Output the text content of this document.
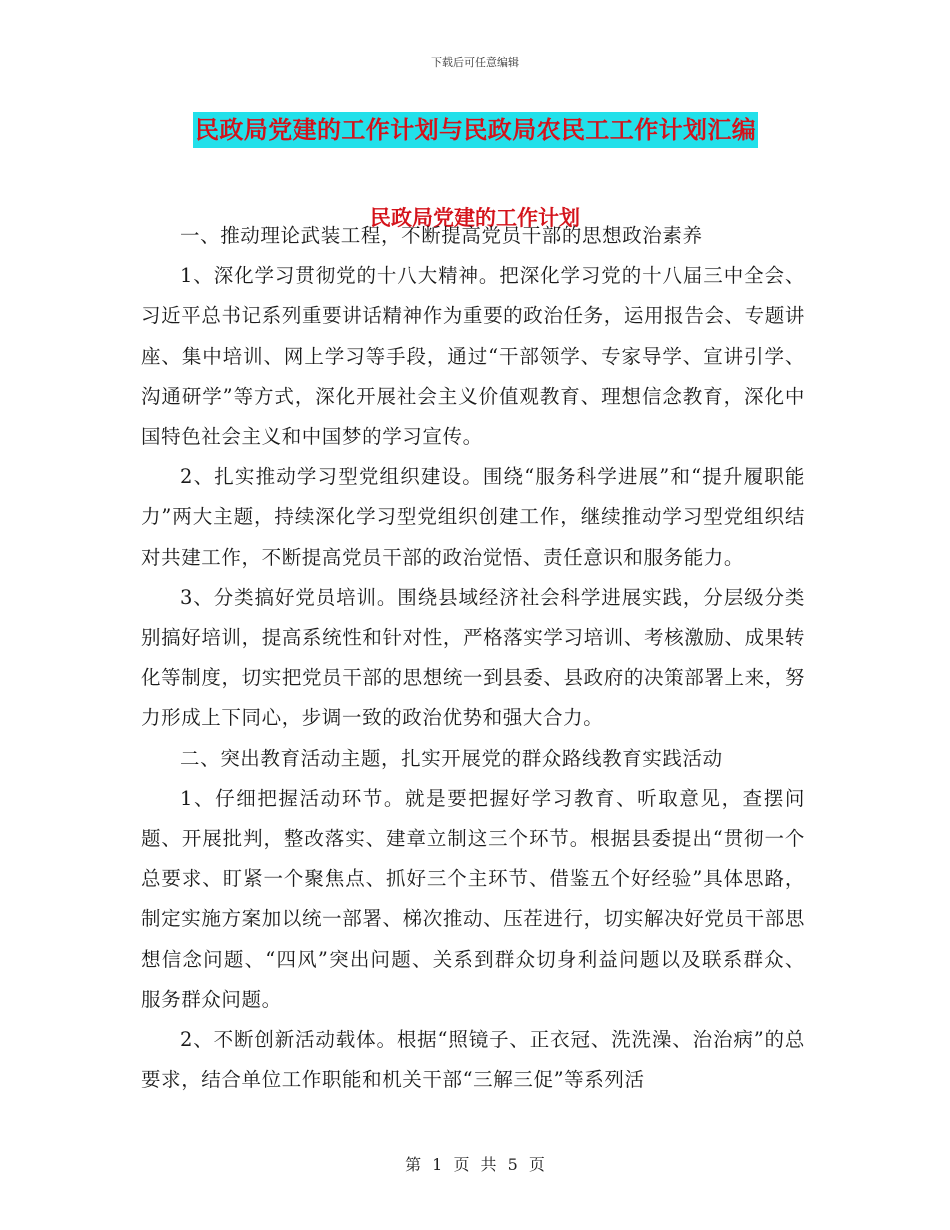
下载后可任意编辑
民政局党建的工作计划与民政局农民工工作计划汇编
民政局党建的工作计划

一、推动理论武装工程，不断提高党员干部的思想政治素养

1、深化学习贯彻党的十八大精神。把深化学习党的十八届三中全会、习近平总书记系列重要讲话精神作为重要的政治任务，运用报告会、专题讲座、集中培训、网上学习等手段，通过“干部领学、专家导学、宣讲引学、沟通研学”等方式，深化开展社会主义价值观教育、理想信念教育，深化中国特色社会主义和中国梦的学习宣传。

2、扎实推动学习型党组织建设。围绕“服务科学进展”和“提升履职能力”两大主题，持续深化学习型党组织创建工作，继续推动学习型党组织结对共建工作，不断提高党员干部的政治觉悟、责任意识和服务能力。

3、分类搞好党员培训。围绕县域经济社会科学进展实践，分层级分类别搞好培训，提高系统性和针对性，严格落实学习培训、考核激励、成果转化等制度，切实把党员干部的思想统一到县委、县政府的决策部署上来，努力形成上下同心，步调一致的政治优势和强大合力。

二、突出教育活动主题，扎实开展党的群众路线教育实践活动

1、仔细把握活动环节。就是要把握好学习教育、听取意见，查摆问题、开展批判，整改落实、建章立制这三个环节。根据县委提出“贯彻一个总要求、盯紧一个聚焦点、抓好三个主环节、借鉴五个好经验”具体思路，制定实施方案加以统一部署、梯次推动、压茬进行，切实解决好党员干部思想信念问题、“四风”突出问题、关系到群众切身利益问题以及联系群众、服务群众问题。

2、不断创新活动载体。根据“照镜子、正衣冠、洗洗澡、治治病”的总要求，结合单位工作职能和机关干部“三解三促”等系列活

第 1 页 共 5 页
